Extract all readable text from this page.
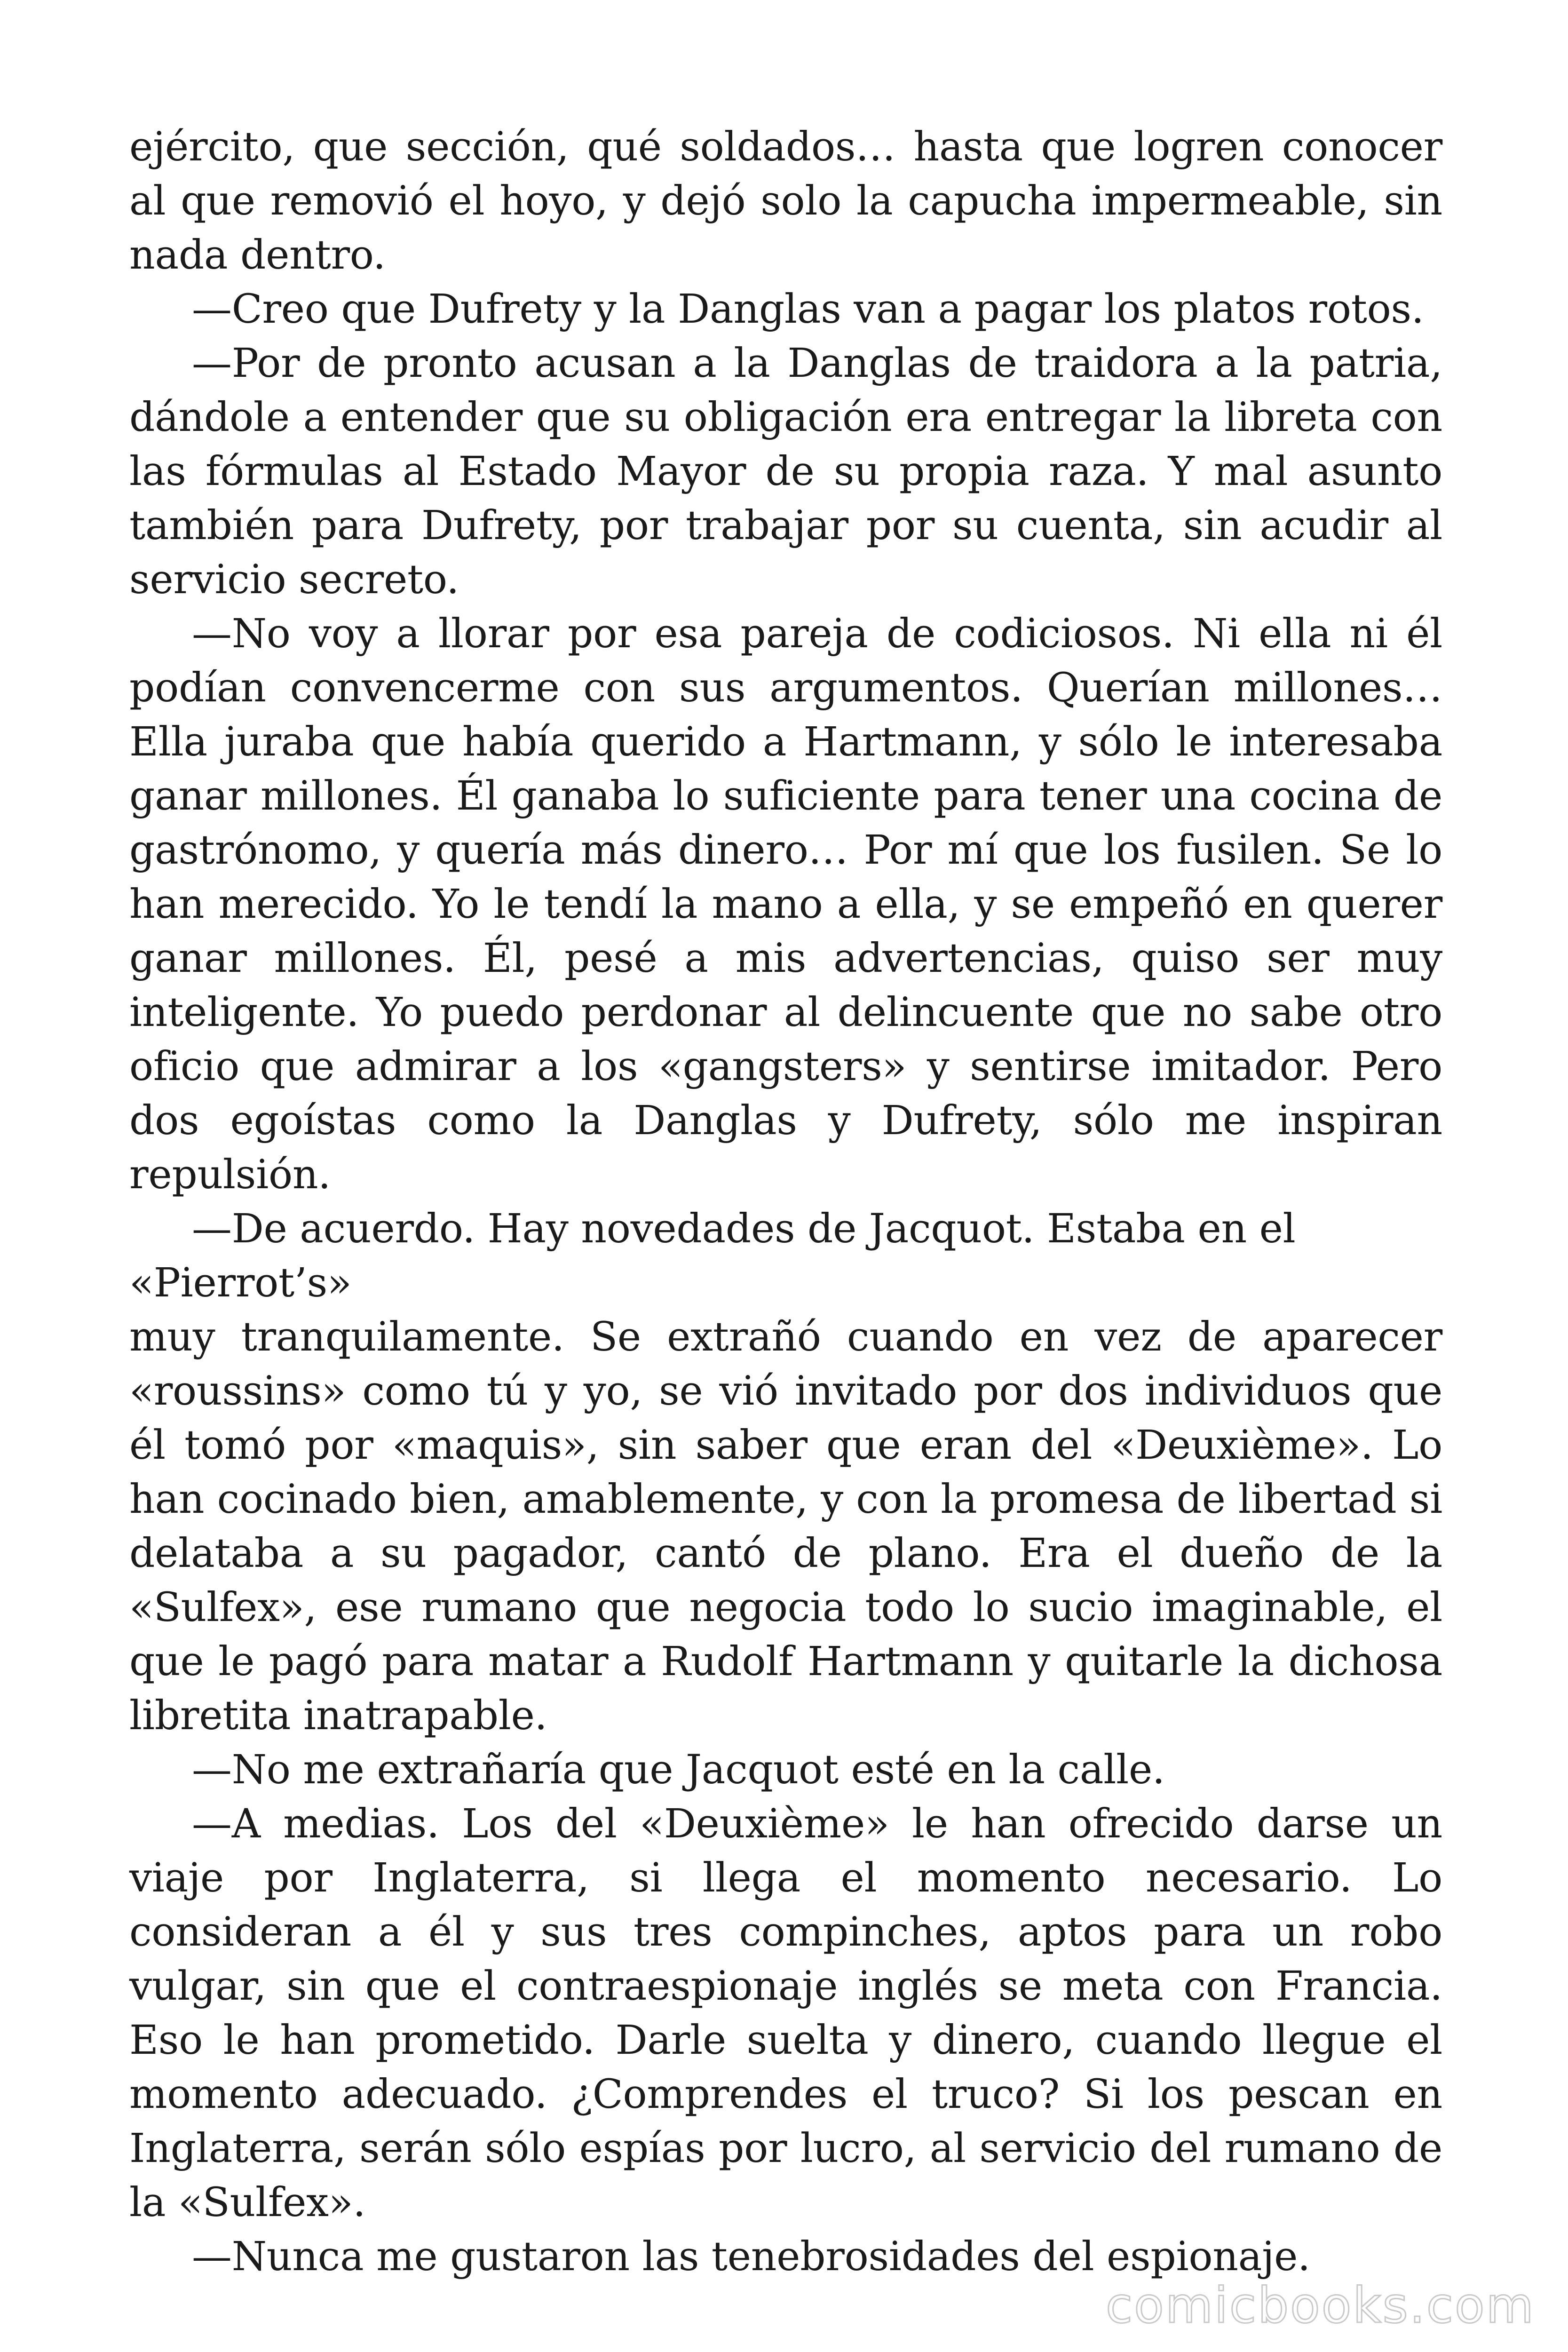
ejército, que sección, qué soldados… hasta que logren conocer al que removió el hoyo, y dejó solo la capucha impermeable, sin nada dentro.

—Creo que Dufrety y la Danglas van a pagar los platos rotos.

—Por de pronto acusan a la Danglas de traidora a la patria, dándole a entender que su obligación era entregar la libreta con las fórmulas al Estado Mayor de su propia raza. Y mal asunto también para Dufrety, por trabajar por su cuenta, sin acudir al servicio secreto.

—No voy a llorar por esa pareja de codiciosos. Ni ella ni él podían convencerme con sus argumentos. Querían millones… Ella juraba que había querido a Hartmann, y sólo le interesaba ganar millones. Él ganaba lo suficiente para tener una cocina de gastrónomo, y quería más dinero… Por mí que los fusilen. Se lo han merecido. Yo le tendí la mano a ella, y se empeñó en querer ganar millones. Él, pesé a mis advertencias, quiso ser muy inteligente. Yo puedo perdonar al delincuente que no sabe otro oficio que admirar a los «gangsters» y sentirse imitador. Pero dos egoístas como la Danglas y Dufrety, sólo me inspiran repulsión.

—De acuerdo. Hay novedades de Jacquot. Estaba en el

«Pierrot’s»

muy tranquilamente. Se extrañó cuando en vez de aparecer «roussins» como tú y yo, se vió invitado por dos individuos que él tomó por «maquis», sin saber que eran del «Deuxième». Lo han cocinado bien, amablemente, y con la promesa de libertad si delataba a su pagador, cantó de plano. Era el dueño de la «Sulfex», ese rumano que negocia todo lo sucio imaginable, el que le pagó para matar a Rudolf Hartmann y quitarle la dichosa libretita inatrapable.

—No me extrañaría que Jacquot esté en la calle.

—A medias. Los del «Deuxième» le han ofrecido darse un viaje por Inglaterra, si llega el momento necesario. Lo consideran a él y sus tres compinches, aptos para un robo vulgar, sin que el contraespionaje inglés se meta con Francia. Eso le han prometido. Darle suelta y dinero, cuando llegue el momento adecuado. ¿Comprendes el truco? Si los pescan en Inglaterra, serán sólo espías por lucro, al servicio del rumano de la «Sulfex».

—Nunca me gustaron las tenebrosidades del espionaje.

comicbooks.com
